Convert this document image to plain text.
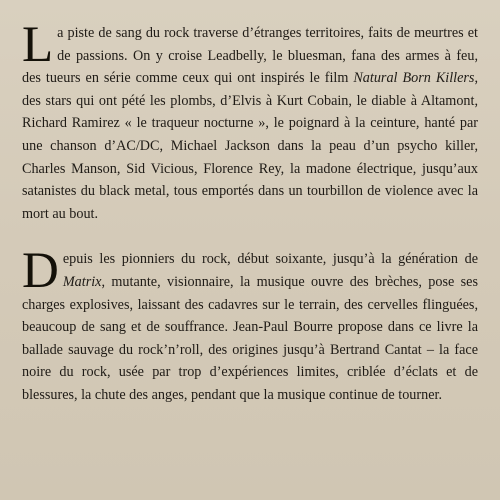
L a piste de sang du rock traverse d’étranges territoires, faits de meurtres et de passions. On y croise Leadbelly, le bluesman, fana des armes à feu, des tueurs en série comme ceux qui ont inspirés le film Natural Born Killers, des stars qui ont pété les plombs, d’Elvis à Kurt Cobain, le diable à Altamont, Richard Ramirez « le traqueur nocturne », le poignard à la ceinture, hanté par une chanson d’AC/DC, Michael Jackson dans la peau d’un psycho killer, Charles Manson, Sid Vicious, Florence Rey, la madone électrique, jusqu’aux satanistes du black metal, tous emportés dans un tourbillon de violence avec la mort au bout.

D epuis les pionniers du rock, début soixante, jusqu’à la génération de Matrix, mutante, visionnaire, la musique ouvre des brèches, pose ses charges explosives, laissant des cadavres sur le terrain, des cervelles flinguées, beaucoup de sang et de souffrance. Jean-Paul Bourre propose dans ce livre la ballade sauvage du rock’n’roll, des origines jusqu’à Bertrand Cantat – la face noire du rock, usée par trop d’expériences limites, criblée d’éclats et de blessures, la chute des anges, pendant que la musique continue de tourner.
